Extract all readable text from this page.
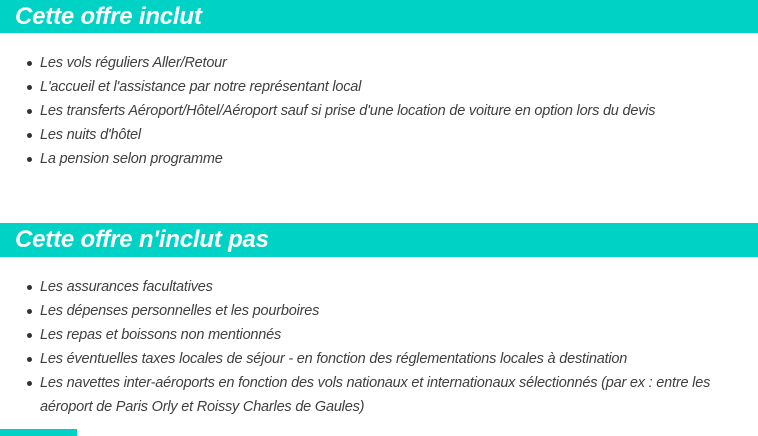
Cette offre inclut
Les vols réguliers Aller/Retour
L'accueil et l'assistance par notre représentant local
Les transferts Aéroport/Hôtel/Aéroport sauf si prise d'une location de voiture en option lors du devis
Les nuits d'hôtel
La pension selon programme
Cette offre n'inclut pas
Les assurances facultatives
Les dépenses personnelles et les pourboires
Les repas et boissons non mentionnés
Les éventuelles taxes locales de séjour - en fonction des réglementations locales à destination
Les navettes inter-aéroports en fonction des vols nationaux et internationaux sélectionnés (par ex : entre les aéroport de Paris Orly et Roissy Charles de Gaules)
